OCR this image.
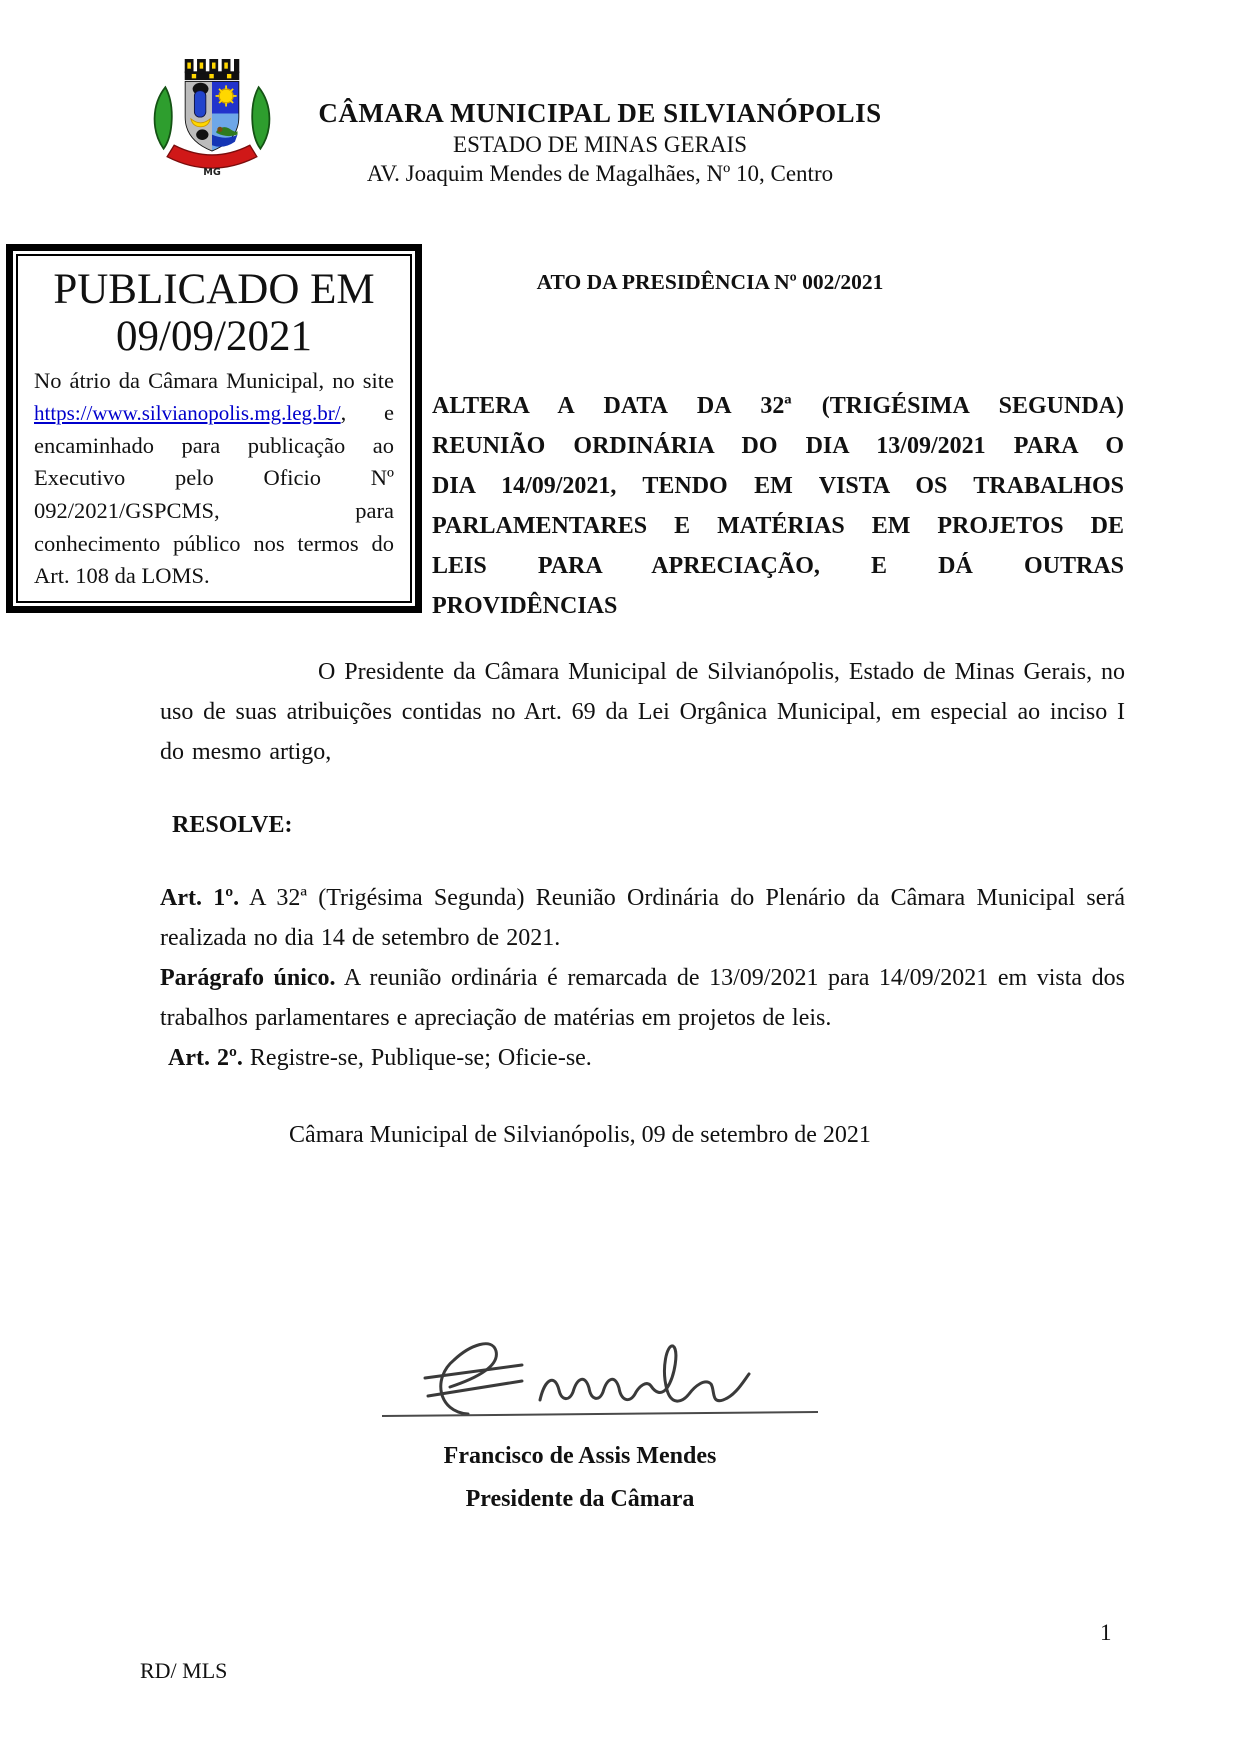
MG

CÂMARA MUNICIPAL DE SILVIANÓPOLIS

ESTADO DE MINAS GERAIS

AV. Joaquim Mendes de Magalhães, Nº 10, Centro

PUBLICADO EM

09/09/2021

No átrio da Câmara Municipal, no site https://www.silvianopolis.mg.leg.br/, e encaminhado para publicação ao Executivo pelo Oficio Nº 092/2021/GSPCMS, para conhecimento público nos termos do Art. 108 da LOMS.

ATO DA PRESIDÊNCIA Nº 002/2021
ALTERA A DATA DA 32ª (TRIGÉSIMA SEGUNDA) REUNIÃO ORDINÁRIA DO DIA 13/09/2021 PARA O DIA 14/09/2021, TENDO EM VISTA OS TRABALHOS PARLAMENTARES E MATÉRIAS EM PROJETOS DE LEIS PARA APRECIAÇÃO, E DÁ OUTRAS PROVIDÊNCIAS

O Presidente da Câmara Municipal de Silvianópolis, Estado de Minas Gerais, no uso de suas atribuições contidas no Art. 69 da Lei Orgânica Municipal, em especial ao inciso I do mesmo artigo,

RESOLVE:

Art. 1º. A 32ª (Trigésima Segunda) Reunião Ordinária do Plenário da Câmara Municipal será realizada no dia 14 de setembro de 2021.

Parágrafo único. A reunião ordinária é remarcada de 13/09/2021 para 14/09/2021 em vista dos trabalhos parlamentares e apreciação de matérias em projetos de leis.

Art. 2º. Registre-se, Publique-se; Oficie-se.

Câmara Municipal de Silvianópolis, 09 de setembro de 2021
Francisco de Assis Mendes
Presidente da Câmara
1
RD/ MLS
